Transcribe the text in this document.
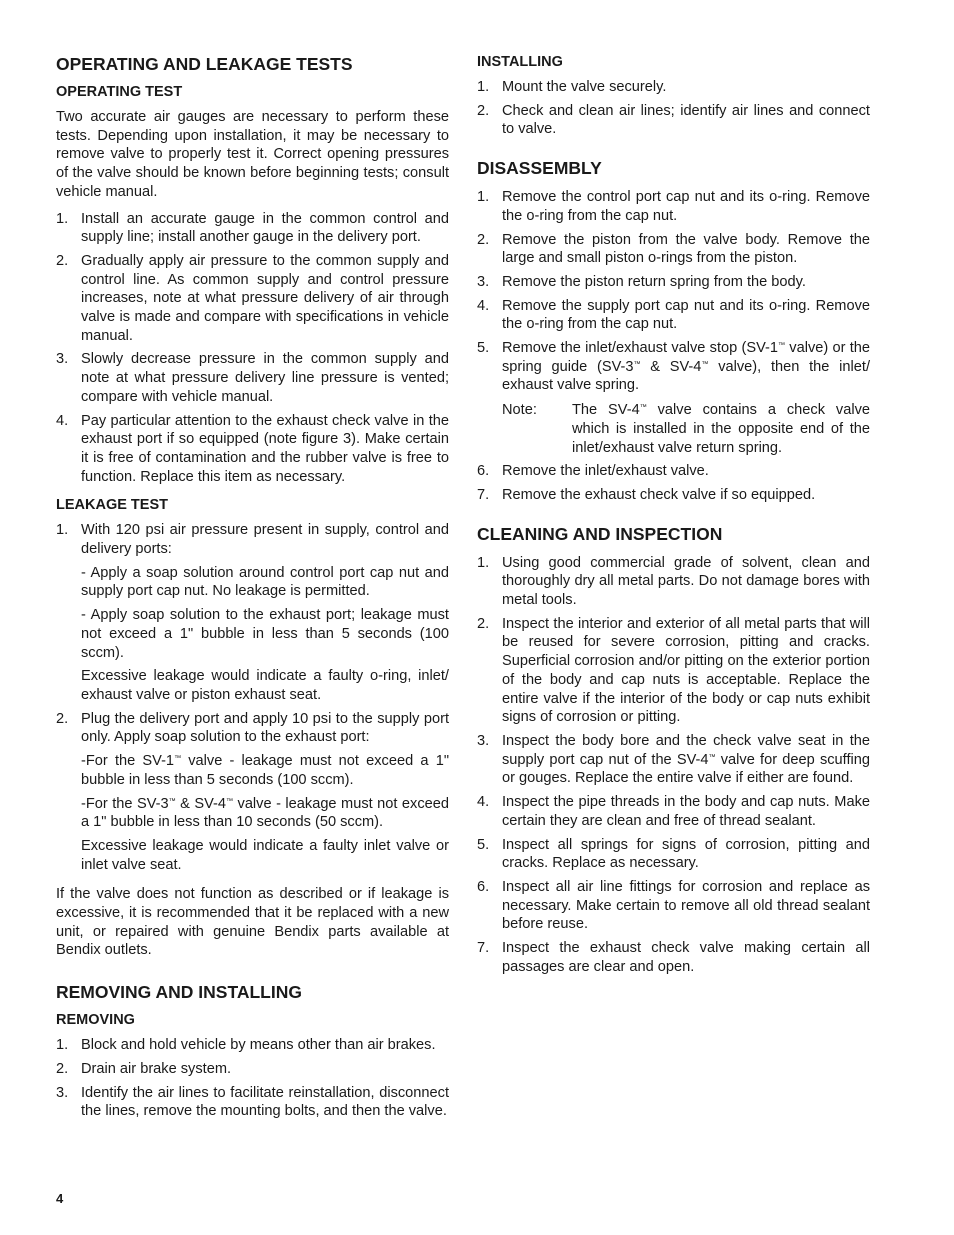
OPERATING AND LEAKAGE TESTS
OPERATING TEST

Two accurate air gauges are necessary to perform these tests. Depending upon installation, it may be necessary to remove valve to properly test it. Correct opening pressures of the valve should be known before beginning tests; consult vehicle manual.

1. Install an accurate gauge in the common control and supply line; install another gauge in the delivery port.
2. Gradually apply air pressure to the common supply and control line. As common supply and control pressure increases, note at what pressure delivery of air through valve is made and compare with specifications in vehicle manual.
3. Slowly decrease pressure in the common supply and note at what pressure delivery line pressure is vented; compare with vehicle manual.
4. Pay particular attention to the exhaust check valve in the exhaust port if so equipped (note figure 3). Make certain it is free of contamination and the rubber valve is free to function. Replace this item as necessary.
LEAKAGE TEST
1. With 120 psi air pressure present in supply, control and delivery ports:

- Apply a soap solution around control port cap nut and supply port cap nut. No leakage is permitted.

- Apply soap solution to the exhaust port; leakage must not exceed a 1" bubble in less than 5 seconds (100 sccm).

Excessive leakage would indicate a faulty o-ring, inlet/ exhaust valve or piston exhaust seat.

2. Plug the delivery port and apply 10 psi to the supply port only. Apply soap solution to the exhaust port:

-For the SV-1™ valve - leakage must not exceed a 1" bubble in less than 5 seconds (100 sccm).

-For the SV-3™ & SV-4™ valve - leakage must not exceed a 1" bubble in less than 10 seconds (50 sccm).

Excessive leakage would indicate a faulty inlet valve or inlet valve seat.

If the valve does not function as described or if leakage is excessive, it is recommended that it be replaced with a new unit, or repaired with genuine Bendix parts available at Bendix outlets.

REMOVING AND INSTALLING
REMOVING
1. Block and hold vehicle by means other than air brakes.
2. Drain air brake system.
3. Identify the air lines to facilitate reinstallation, disconnect the lines, remove the mounting bolts, and then the valve.
INSTALLING
1. Mount the valve securely.
2. Check and clean air lines; identify air lines and connect to valve.
DISASSEMBLY
1. Remove the control port cap nut and its o-ring. Remove the o-ring from the cap nut.
2. Remove the piston from the valve body. Remove the large and small piston o-rings from the piston.
3. Remove the piston return spring from the body.
4. Remove the supply port cap nut and its o-ring. Remove the o-ring from the cap nut.
5. Remove the inlet/exhaust valve stop (SV-1™ valve) or the spring guide (SV-3™ & SV-4™ valve), then the inlet/ exhaust valve spring.
Note: The SV-4™ valve contains a check valve which is installed in the opposite end of the inlet/exhaust valve return spring.
6. Remove the inlet/exhaust valve.
7. Remove the exhaust check valve if so equipped.
CLEANING AND INSPECTION
1. Using good commercial grade of solvent, clean and thoroughly dry all metal parts. Do not damage bores with metal tools.
2. Inspect the interior and exterior of all metal parts that will be reused for severe corrosion, pitting and cracks. Superficial corrosion and/or pitting on the exterior portion of the body and cap nuts is acceptable. Replace the entire valve if the interior of the body or cap nuts exhibit signs of corrosion or pitting.
3. Inspect the body bore and the check valve seat in the supply port cap nut of the SV-4™ valve for deep scuffing or gouges. Replace the entire valve if either are found.
4. Inspect the pipe threads in the body and cap nuts. Make certain they are clean and free of thread sealant.
5. Inspect all springs for signs of corrosion, pitting and cracks. Replace as necessary.
6. Inspect all air line fittings for corrosion and replace as necessary. Make certain to remove all old thread sealant before reuse.
7. Inspect the exhaust check valve making certain all passages are clear and open.
4
